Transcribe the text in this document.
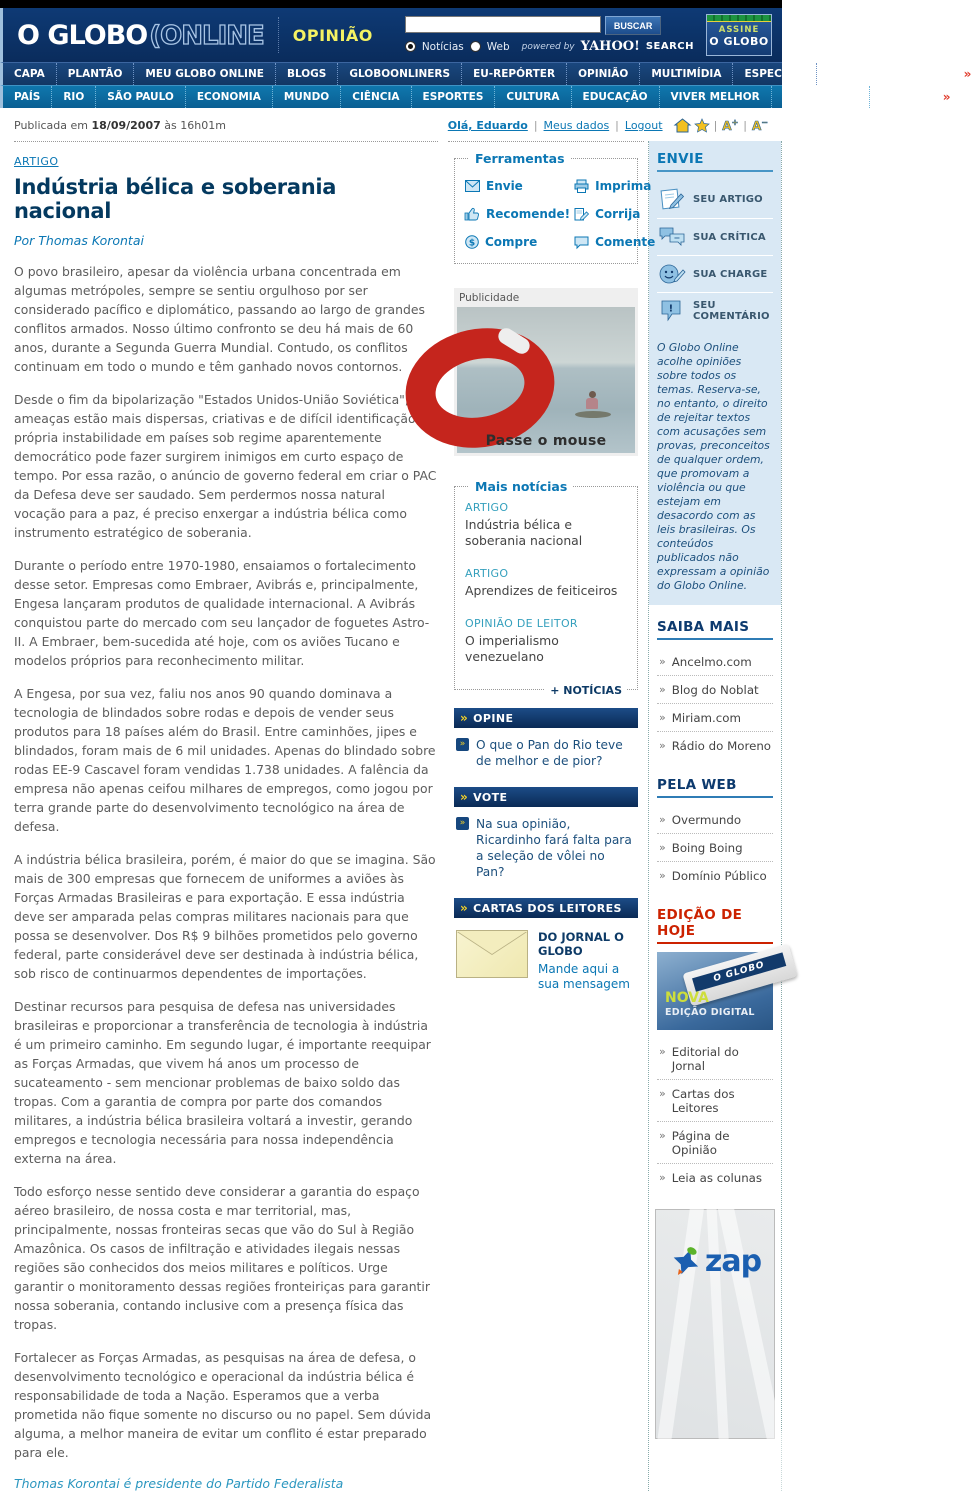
O GLOBO (ONLINE OPINIÃO	BUSCAR
Notícias Web powered by YAHOO! SEARCH
ASSINE
O GLOBO
CAPA	PLANTÃO	MEU GLOBO ONLINE	BLOGS	GLOBOONLINERS	EU-REPÓRTER	OPINIÃO	MULTIMÍDIA	ESPECIAIS	CLASSIFICADOS ZAP	»
PAÍS	RIO	SÃO PAULO	ECONOMIA	MUNDO	CIÊNCIA	ESPORTES	CULTURA	EDUCAÇÃO	VIVER MELHOR	TECNOLOGIA	VIAGEM	»
Publicada em 18/09/2007 às 16h01m	Olá, Eduardo | Meus dados | Logout	| A+ | A−
ARTIGO
Indústria bélica e soberania nacional
Por Thomas Korontai

O povo brasileiro, apesar da violência urbana concentrada em algumas metrópoles, sempre se sentiu orgulhoso por ser considerado pacífico e diplomático, passando ao largo de grandes conflitos armados. Nosso último confronto se deu há mais de 60 anos, durante a Segunda Guerra Mundial. Contudo, os conflitos continuam em todo o mundo e têm ganhado novos contornos.

Desde o fim da bipolarização "Estados Unidos-União Soviética", as ameaças estão mais dispersas, criativas e de difícil identificação. A própria instabilidade em países sob regime aparentemente democrático pode fazer surgirem inimigos em curto espaço de tempo. Por essa razão, o anúncio de governo federal em criar o PAC da Defesa deve ser saudado. Sem perdermos nossa natural vocação para a paz, é preciso enxergar a indústria bélica como instrumento estratégico de soberania.

Durante o período entre 1970-1980, ensaiamos o fortalecimento desse setor. Empresas como Embraer, Avibrás e, principalmente, Engesa lançaram produtos de qualidade internacional. A Avibrás conquistou parte do mercado com seu lançador de foguetes Astro-II. A Embraer, bem-sucedida até hoje, com os aviões Tucano e modelos próprios para reconhecimento militar.

A Engesa, por sua vez, faliu nos anos 90 quando dominava a tecnologia de blindados sobre rodas e depois de vender seus produtos para 18 países além do Brasil. Entre caminhões, jipes e blindados, foram mais de 6 mil unidades. Apenas do blindado sobre rodas EE-9 Cascavel foram vendidas 1.738 unidades. A falência da empresa não apenas ceifou milhares de empregos, como jogou por terra grande parte do desenvolvimento tecnológico na área de defesa.

A indústria bélica brasileira, porém, é maior do que se imagina. São mais de 300 empresas que fornecem de uniformes a aviões às Forças Armadas Brasileiras e para exportação. E essa indústria deve ser amparada pelas compras militares nacionais para que possa se desenvolver. Dos R$ 9 bilhões prometidos pelo governo federal, parte considerável deve ser destinada à indústria bélica, sob risco de continuarmos dependentes de importações.

Destinar recursos para pesquisa de defesa nas universidades brasileiras e proporcionar a transferência de tecnologia à indústria é um primeiro caminho. Em segundo lugar, é importante reequipar as Forças Armadas, que vivem há anos um processo de sucateamento - sem mencionar problemas de baixo soldo das tropas. Com a garantia de compra por parte dos comandos militares, a indústria bélica brasileira voltará a investir, gerando empregos e tecnologia necessária para nossa independência externa na área.

Todo esforço nesse sentido deve considerar a garantia do espaço aéreo brasileiro, de nossa costa e mar territorial, mas, principalmente, nossas fronteiras secas que vão do Sul à Região Amazônica. Os casos de infiltração e atividades ilegais nessas regiões são conhecidos dos meios militares e políticos. Urge garantir o monitoramento dessas regiões fronteiriças para garantir nossa soberania, contando inclusive com a presença física das tropas.

Fortalecer as Forças Armadas, as pesquisas na área de defesa, o desenvolvimento tecnológico e operacional da indústria bélica é responsabilidade de toda a Nação. Esperamos que a verba prometida não fique somente no discurso ou no papel. Sem dúvida alguma, a melhor maneira de evitar um conflito é estar preparado para ele.

Thomas Korontai é presidente do Partido Federalista
Ferramentas
Envie	Imprima
Recomende! Corrija
$ Compre	Comente
Publicidade
Passe o mouse
Mais notícias
ARTIGO
Indústria bélica e soberania nacional
ARTIGO
Aprendizes de feiticeiros
OPINIÃO DE LEITOR
O imperialismo venezuelano
+ NOTÍCIAS
» OPINE
» O que o Pan do Rio teve de melhor e de pior?
» VOTE
» Na sua opinião, Ricardinho fará falta para a seleção de vôlei no Pan?
» CARTAS DOS LEITORES
DO JORNAL O GLOBO
Mande aqui a sua mensagem
ENVIE
SEU ARTIGO
− SUA CRÍTICA
SUA CHARGE
! SEU COMENTÁRIO
O Globo Online acolhe opiniões sobre todos os temas. Reserva-se, no entanto, o direito de rejeitar textos com acusações sem provas, preconceitos de qualquer ordem, que promovam a violência ou que estejam em desacordo com as leis brasileiras. Os conteúdos publicados não expressam a opinião do Globo Online.
SAIBA MAIS
» Ancelmo.com
» Blog do Noblat
» Miriam.com
» Rádio do Moreno
PELA WEB
» Overmundo
» Boing Boing
» Domínio Público
EDIÇÃO DE HOJE
O GLOBO
NOVA
EDIÇÃO DIGITAL
» Editorial do Jornal
» Cartas dos Leitores
» Página de Opinião
» Leia as colunas
zap
